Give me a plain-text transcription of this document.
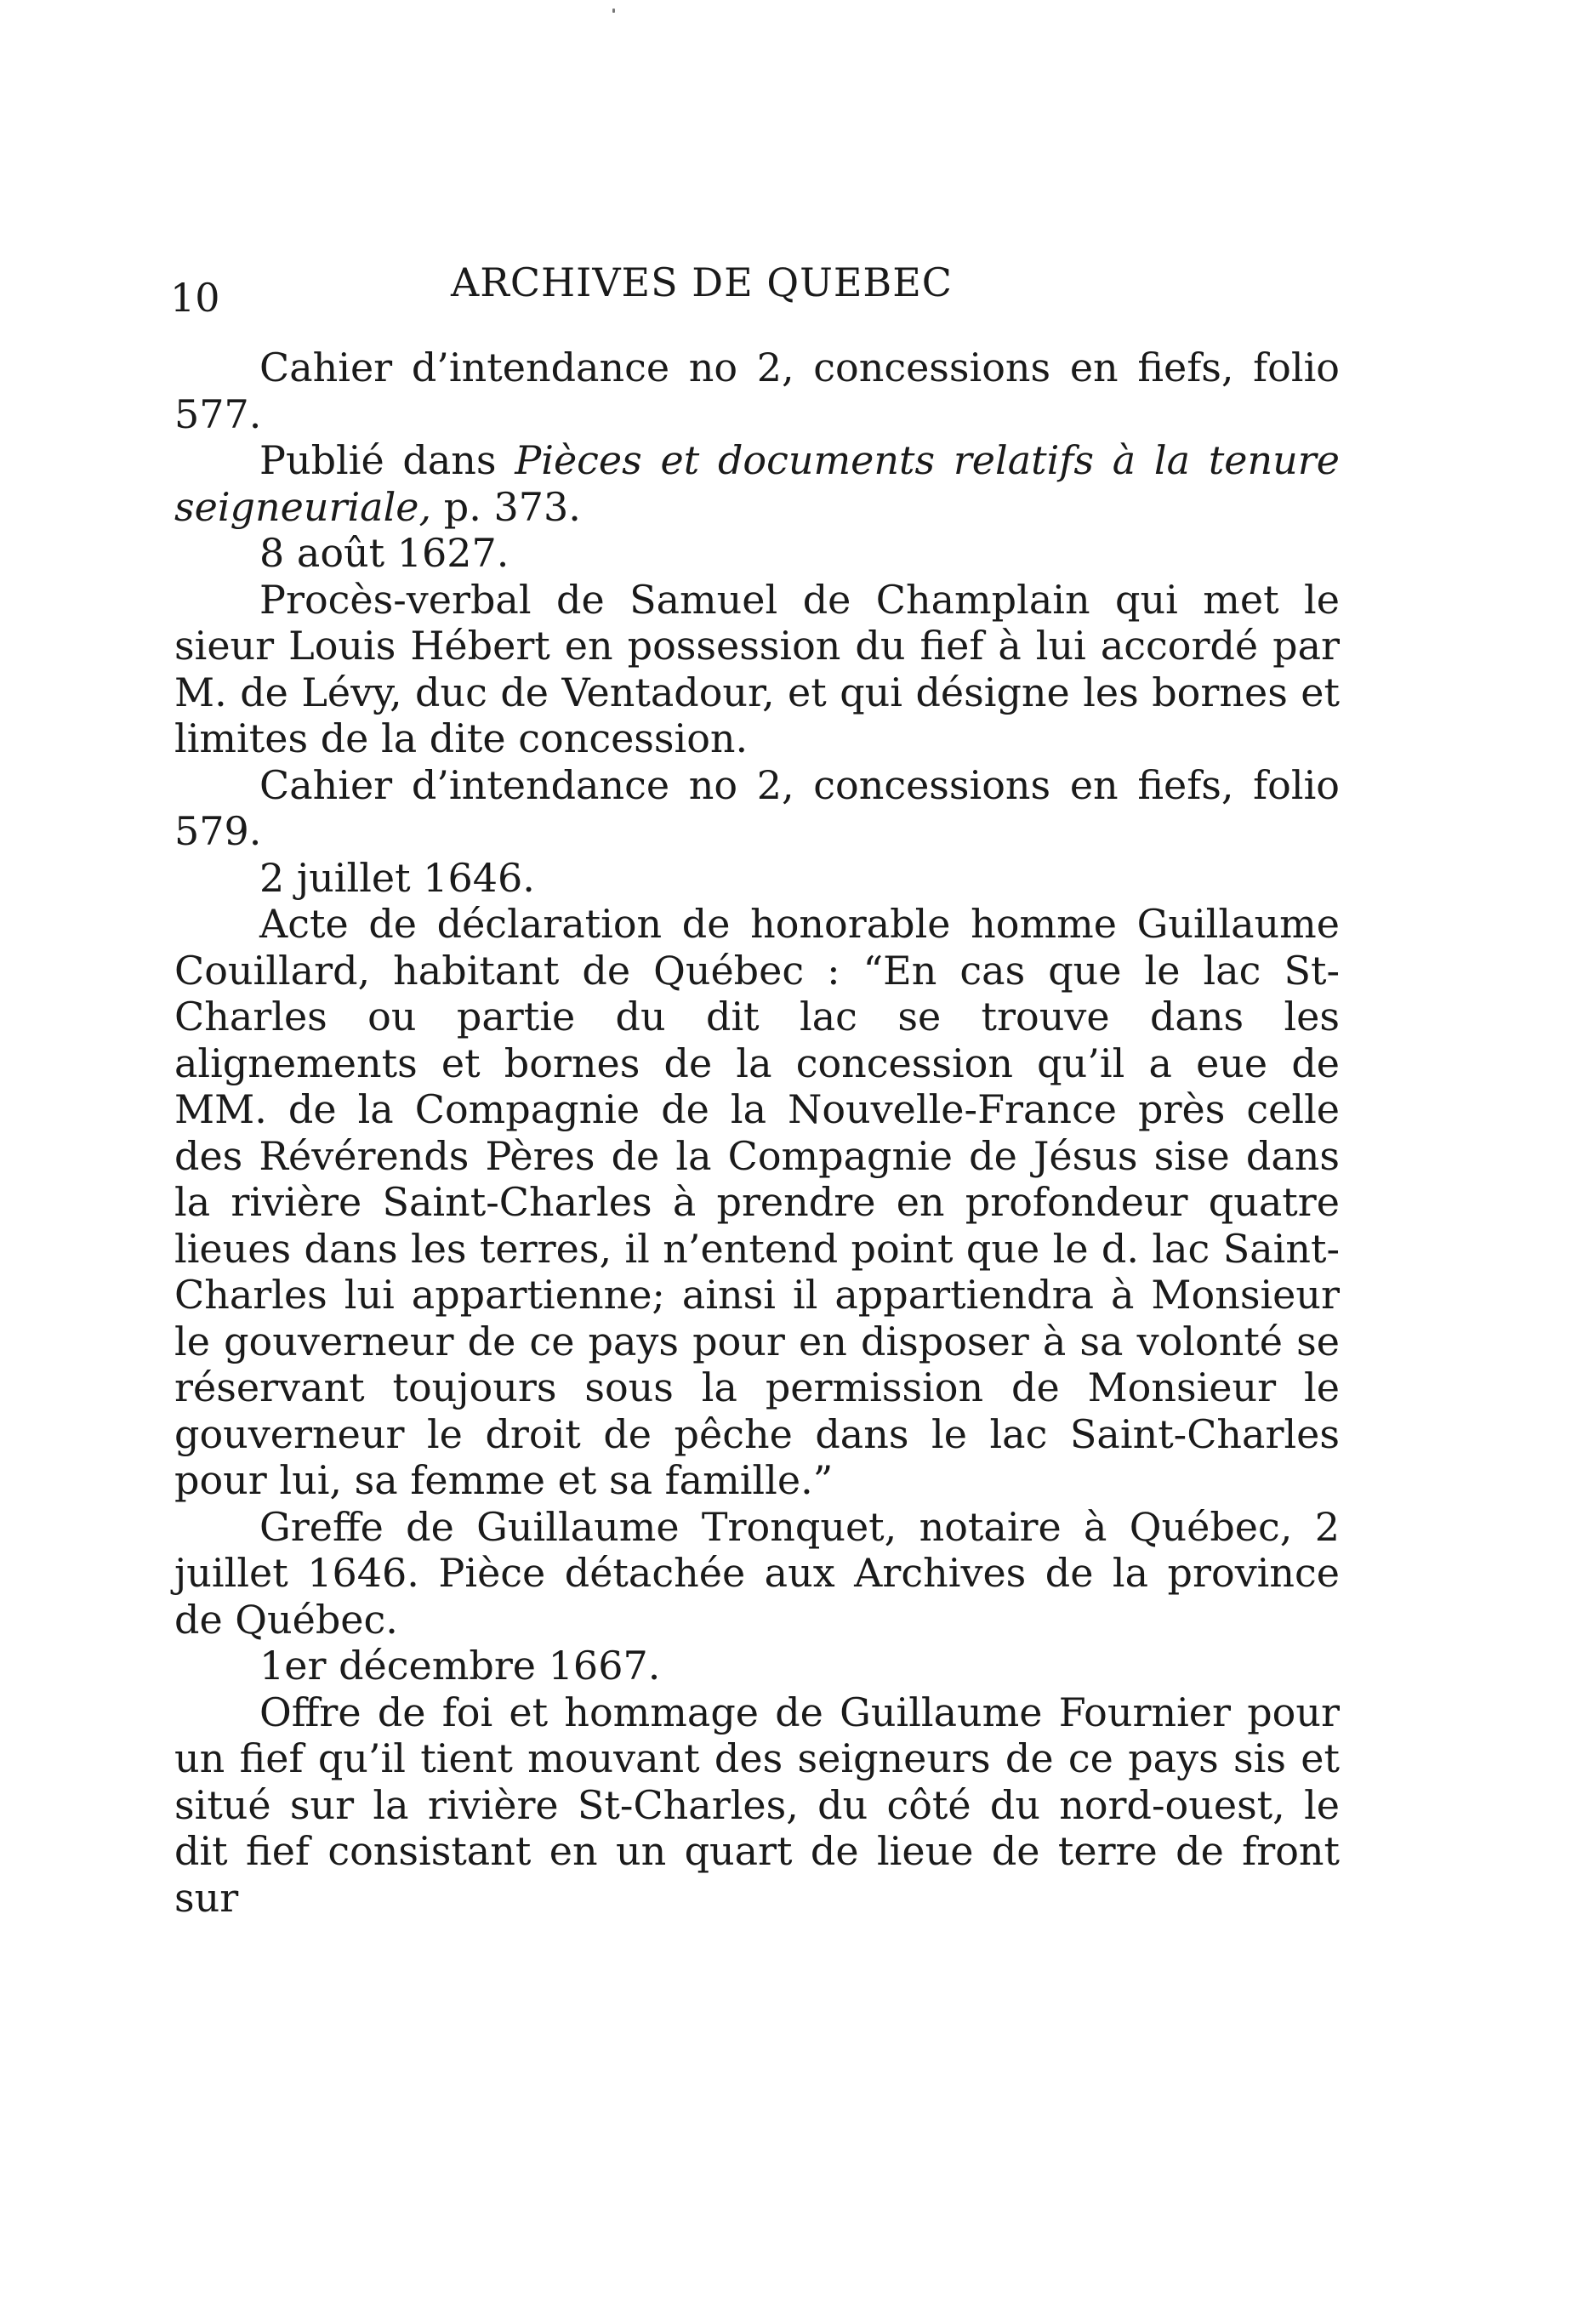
10	ARCHIVES DE QUEBEC

Cahier d’intendance no 2, concessions en fiefs, folio 577.

Publié dans Pièces et documents relatifs à la tenure seigneuriale, p. 373.

8 août 1627.

Procès-verbal de Samuel de Champlain qui met le sieur Louis Hébert en possession du fief à lui accordé par M. de Lévy, duc de Ventadour, et qui désigne les bornes et limites de la dite concession.

Cahier d’intendance no 2, concessions en fiefs, folio 579.

2 juillet 1646.

Acte de déclaration de honorable homme Guillaume Couillard, habitant de Québec : “En cas que le lac St-Charles ou partie du dit lac se trouve dans les alignements et bornes de la concession qu’il a eue de MM. de la Compagnie de la Nouvelle-France près celle des Révérends Pères de la Compagnie de Jésus sise dans la rivière Saint-Charles à prendre en profondeur quatre lieues dans les terres, il n’entend point que le d. lac Saint-Charles lui appartienne; ainsi il appartiendra à Monsieur le gouverneur de ce pays pour en disposer à sa volonté se réservant toujours sous la permission de Monsieur le gouverneur le droit de pêche dans le lac Saint-Charles pour lui, sa femme et sa famille.”

Greffe de Guillaume Tronquet, notaire à Québec, 2 juillet 1646. Pièce détachée aux Archives de la province de Québec.

1er décembre 1667.

Offre de foi et hommage de Guillaume Fournier pour un fief qu’il tient mouvant des seigneurs de ce pays sis et situé sur la rivière St-Charles, du côté du nord-ouest, le dit fief consistant en un quart de lieue de terre de front sur
